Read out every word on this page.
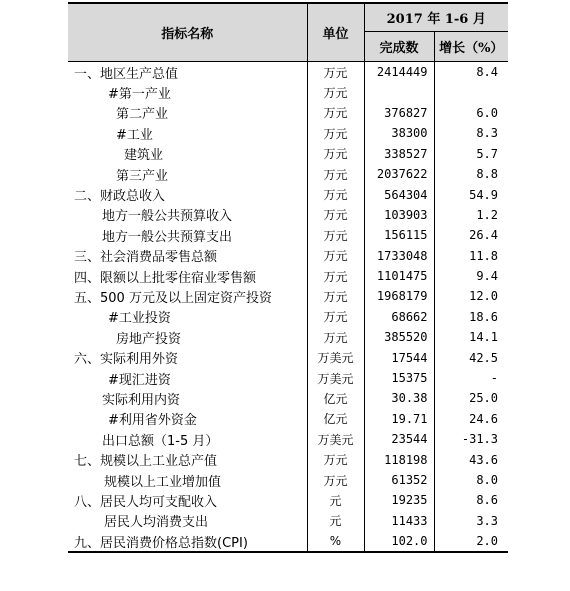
指标名称	单位	2017 年 1-6 月	
		完成数	增长（%）
一、地区生产总值	万元	2414449	8.4
#第一产业	万元		
第二产业	万元	376827	6.0
#工业	万元	38300	8.3
建筑业	万元	338527	5.7
第三产业	万元	2037622	8.8
二、财政总收入	万元	564304	54.9
地方一般公共预算收入	万元	103903	1.2
地方一般公共预算支出	万元	156115	26.4
三、社会消费品零售总额	万元	1733048	11.8
四、限额以上批零住宿业零售额	万元	1101475	9.4
五、500 万元及以上固定资产投资	万元	1968179	12.0
#工业投资	万元	68662	18.6
房地产投资	万元	385520	14.1
六、实际利用外资	万美元	17544	42.5
#现汇进资	万美元	15375	-
实际利用内资	亿元	30.38	25.0
#利用省外资金	亿元	19.71	24.6
出口总额（1-5 月）	万美元	23544	-31.3
七、规模以上工业总产值	万元	118198	43.6
规模以上工业增加值	万元	61352	8.0
八、居民人均可支配收入	元	19235	8.6
居民人均消费支出	元	11433	3.3
九、居民消费价格总指数(CPI)	%	102.0	2.0
